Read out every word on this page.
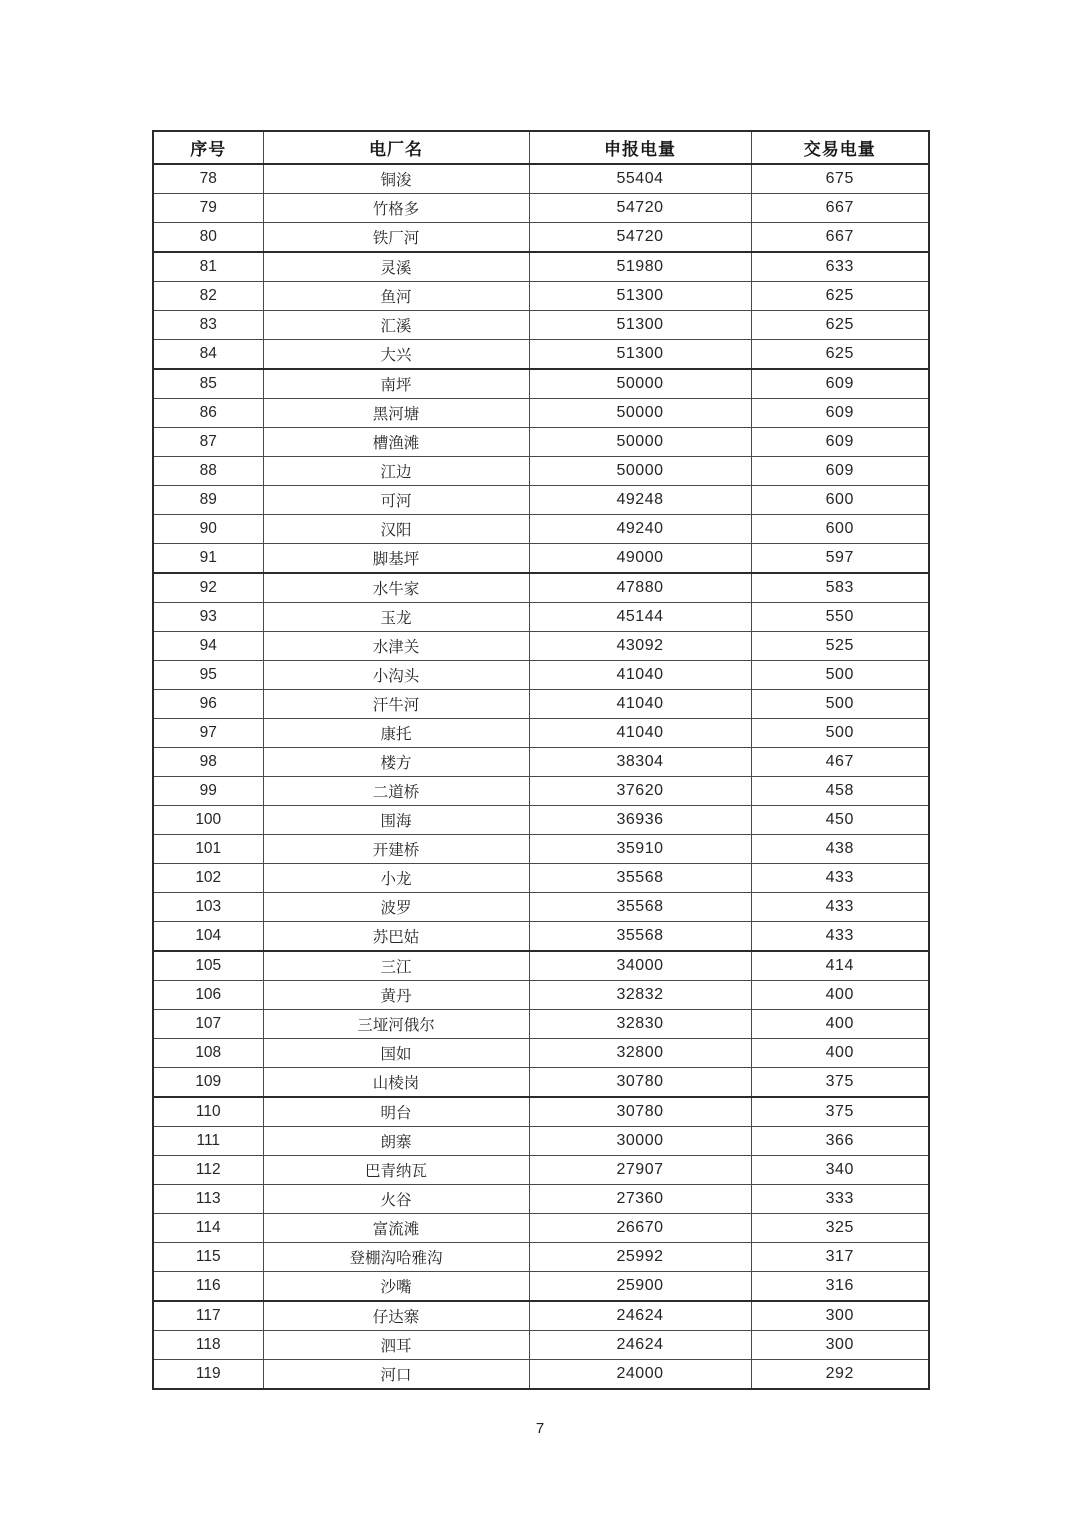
序号	电厂名	申报电量	交易电量
78	铜浚	55404	675
79	竹格多	54720	667
80	铁厂河	54720	667
81	灵溪	51980	633
82	鱼河	51300	625
83	汇溪	51300	625
84	大兴	51300	625
85	南坪	50000	609
86	黑河塘	50000	609
87	槽渔滩	50000	609
88	江边	50000	609
89	可河	49248	600
90	汉阳	49240	600
91	脚基坪	49000	597
92	水牛家	47880	583
93	玉龙	45144	550
94	水津关	43092	525
95	小沟头	41040	500
96	汗牛河	41040	500
97	康托	41040	500
98	楼方	38304	467
99	二道桥	37620	458
100	围海	36936	450
101	开建桥	35910	438
102	小龙	35568	433
103	波罗	35568	433
104	苏巴姑	35568	433
105	三江	34000	414
106	黄丹	32832	400
107	三垭河俄尔	32830	400
108	国如	32800	400
109	山棱岗	30780	375
110	明台	30780	375
111	朗寨	30000	366
112	巴青纳瓦	27907	340
113	火谷	27360	333
114	富流滩	26670	325
115	登棚沟哈雅沟	25992	317
116	沙嘴	25900	316
117	仔达寨	24624	300
118	泗耳	24624	300
119	河口	24000	292
7
